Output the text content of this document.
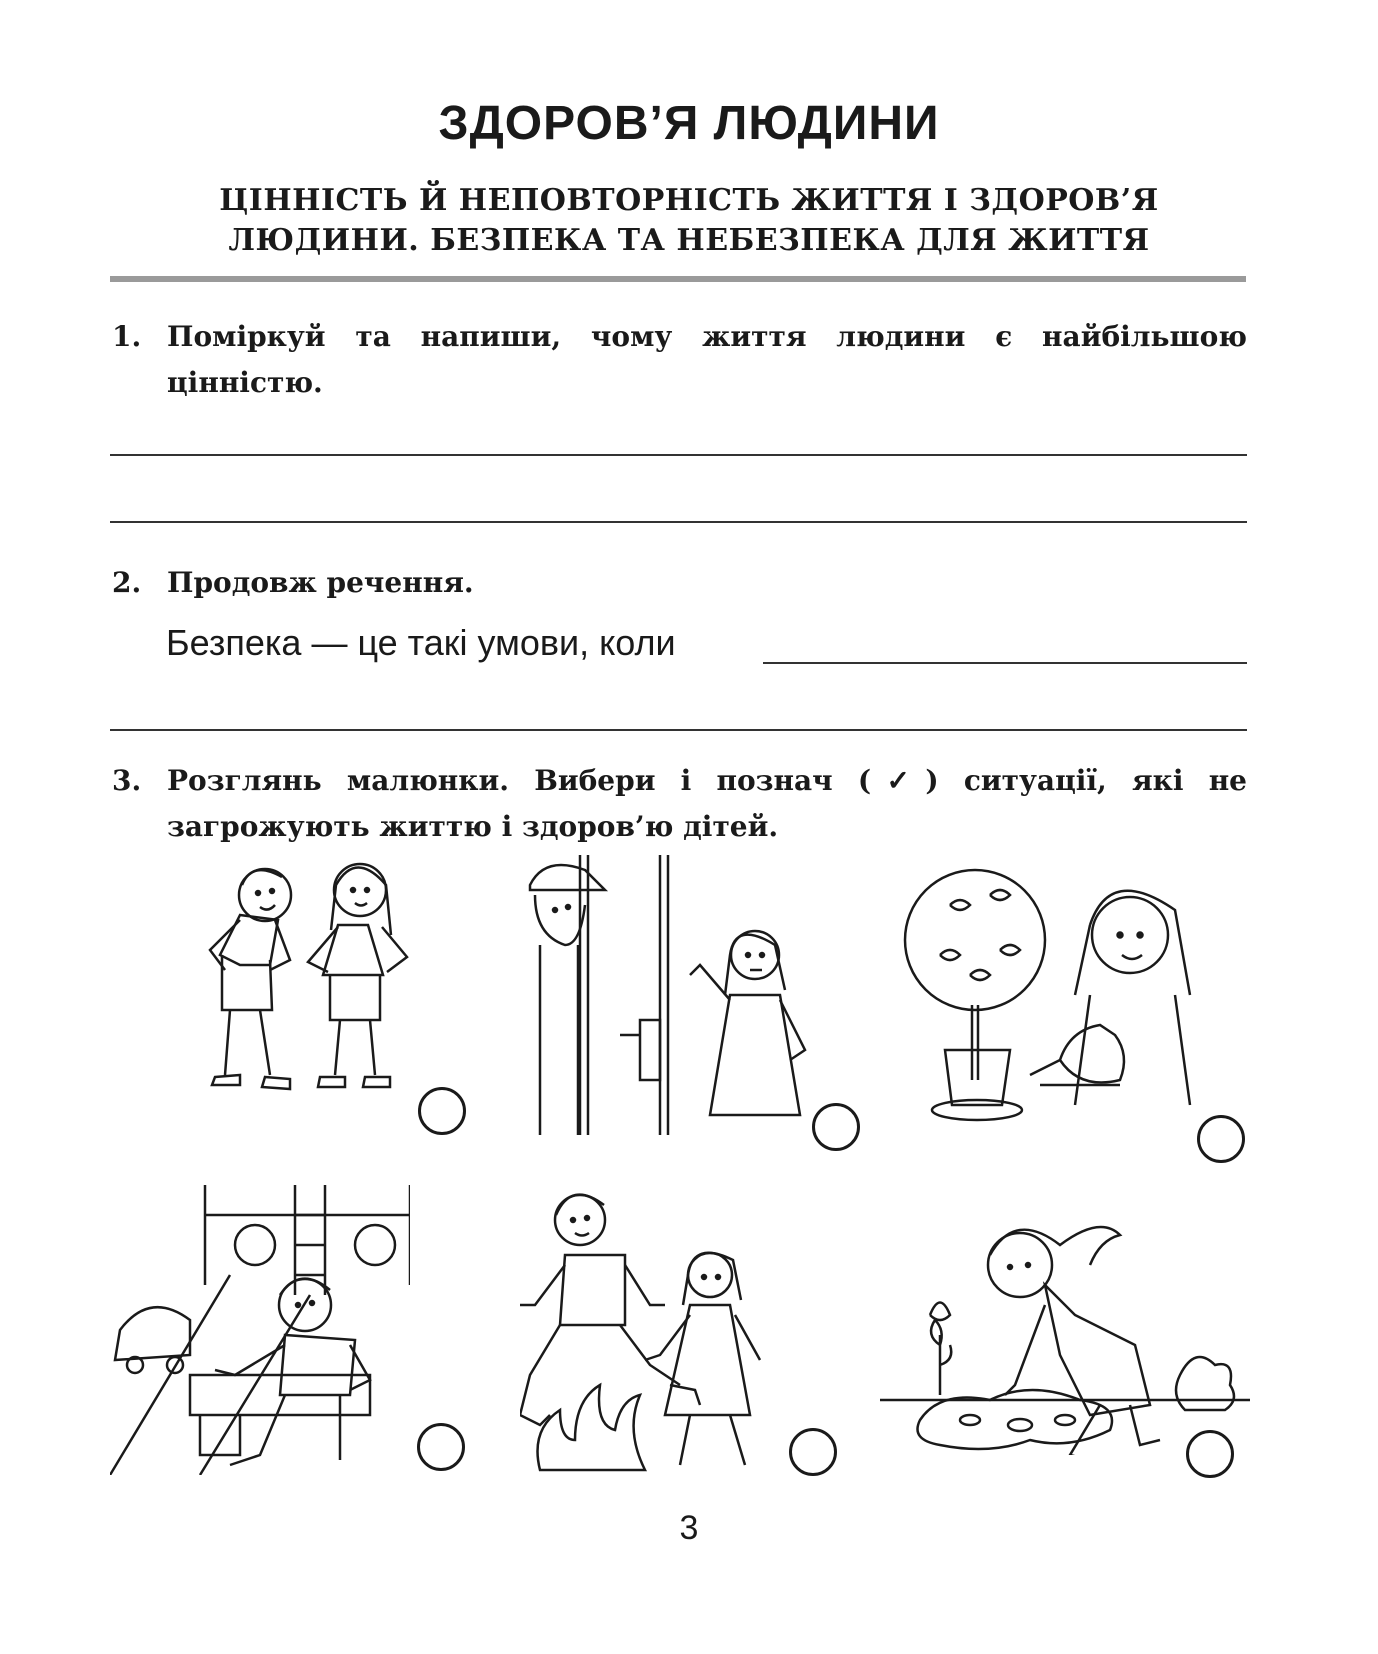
ЗДОРОВ’Я ЛЮДИНИ
ЦІННІСТЬ Й НЕПОВТОРНІСТЬ ЖИТТЯ І ЗДОРОВ’Я
ЛЮДИНИ. БЕЗПЕКА ТА НЕБЕЗПЕКА ДЛЯ ЖИТТЯ
1. Поміркуй та напиши, чому життя людини є найбільшою цінністю.
2. Продовж речення.
Безпека — це такі умови, коли
3. Розглянь малюнки. Вибери і познач (✓) ситуації, які не загрожують життю і здоров’ю дітей.
3
